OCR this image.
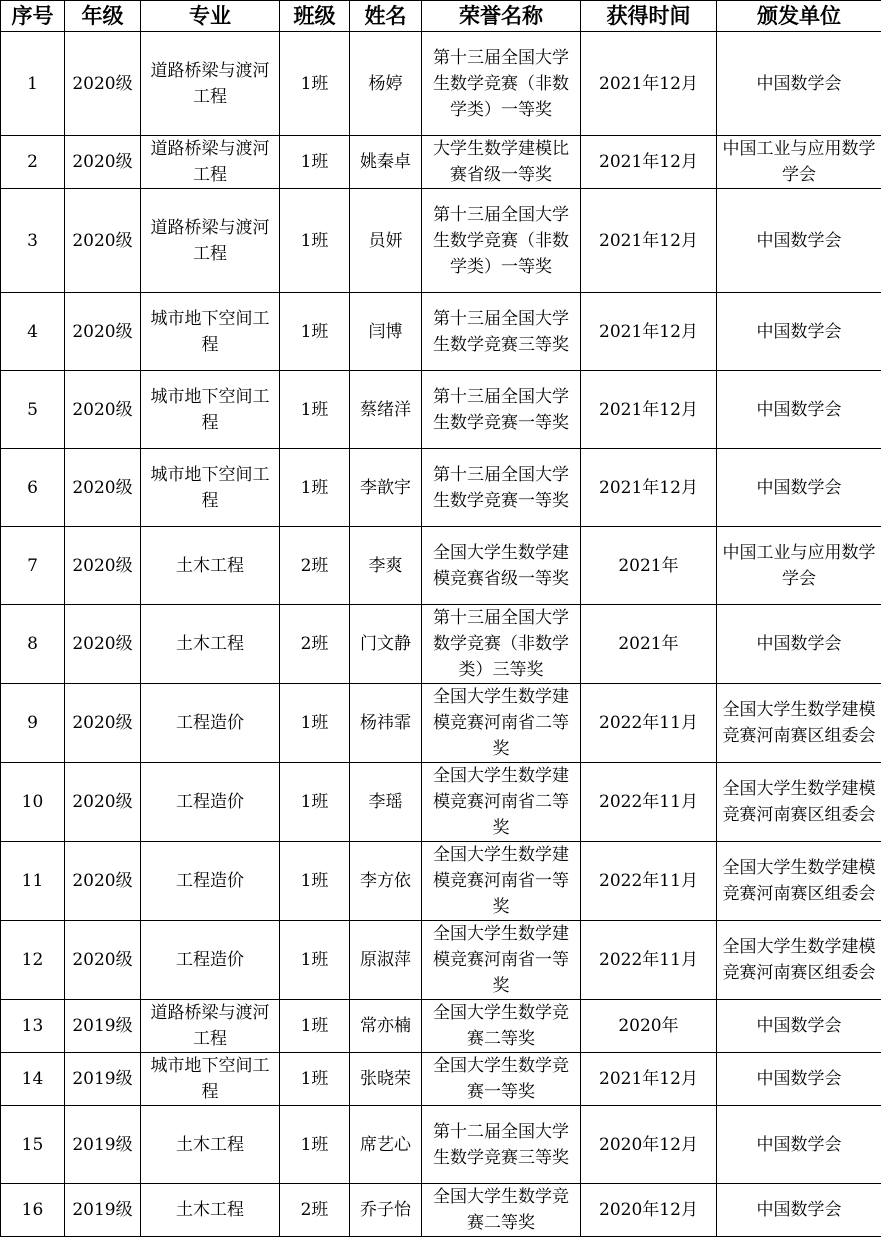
序号	年级	专业	班级	姓名	荣誉名称	获得时间	颁发单位
1	2020级	道路桥梁与渡河工程	1班	杨婷	第十三届全国大学生数学竞赛（非数学类）一等奖	2021年12月	中国数学会
2	2020级	道路桥梁与渡河工程	1班	姚秦卓	大学生数学建模比赛省级一等奖	2021年12月	中国工业与应用数学学会
3	2020级	道路桥梁与渡河工程	1班	员妍	第十三届全国大学生数学竞赛（非数学类）一等奖	2021年12月	中国数学会
4	2020级	城市地下空间工程	1班	闫博	第十三届全国大学生数学竞赛三等奖	2021年12月	中国数学会
5	2020级	城市地下空间工程	1班	蔡绪洋	第十三届全国大学生数学竞赛一等奖	2021年12月	中国数学会
6	2020级	城市地下空间工程	1班	李歆宇	第十三届全国大学生数学竞赛一等奖	2021年12月	中国数学会
7	2020级	土木工程	2班	李爽	全国大学生数学建模竞赛省级一等奖	2021年	中国工业与应用数学学会
8	2020级	土木工程	2班	门文静	第十三届全国大学数学竞赛（非数学类）三等奖	2021年	中国数学会
9	2020级	工程造价	1班	杨祎霏	全国大学生数学建模竞赛河南省二等奖	2022年11月	全国大学生数学建模竞赛河南赛区组委会
10	2020级	工程造价	1班	李瑶	全国大学生数学建模竞赛河南省二等奖	2022年11月	全国大学生数学建模竞赛河南赛区组委会
11	2020级	工程造价	1班	李方依	全国大学生数学建模竞赛河南省一等奖	2022年11月	全国大学生数学建模竞赛河南赛区组委会
12	2020级	工程造价	1班	原淑萍	全国大学生数学建模竞赛河南省一等奖	2022年11月	全国大学生数学建模竞赛河南赛区组委会
13	2019级	道路桥梁与渡河工程	1班	常亦楠	全国大学生数学竞赛二等奖	2020年	中国数学会
14	2019级	城市地下空间工程	1班	张晓荣	全国大学生数学竞赛一等奖	2021年12月	中国数学会
15	2019级	土木工程	1班	席艺心	第十二届全国大学生数学竞赛三等奖	2020年12月	中国数学会
16	2019级	土木工程	2班	乔子怡	全国大学生数学竞赛二等奖	2020年12月	中国数学会
